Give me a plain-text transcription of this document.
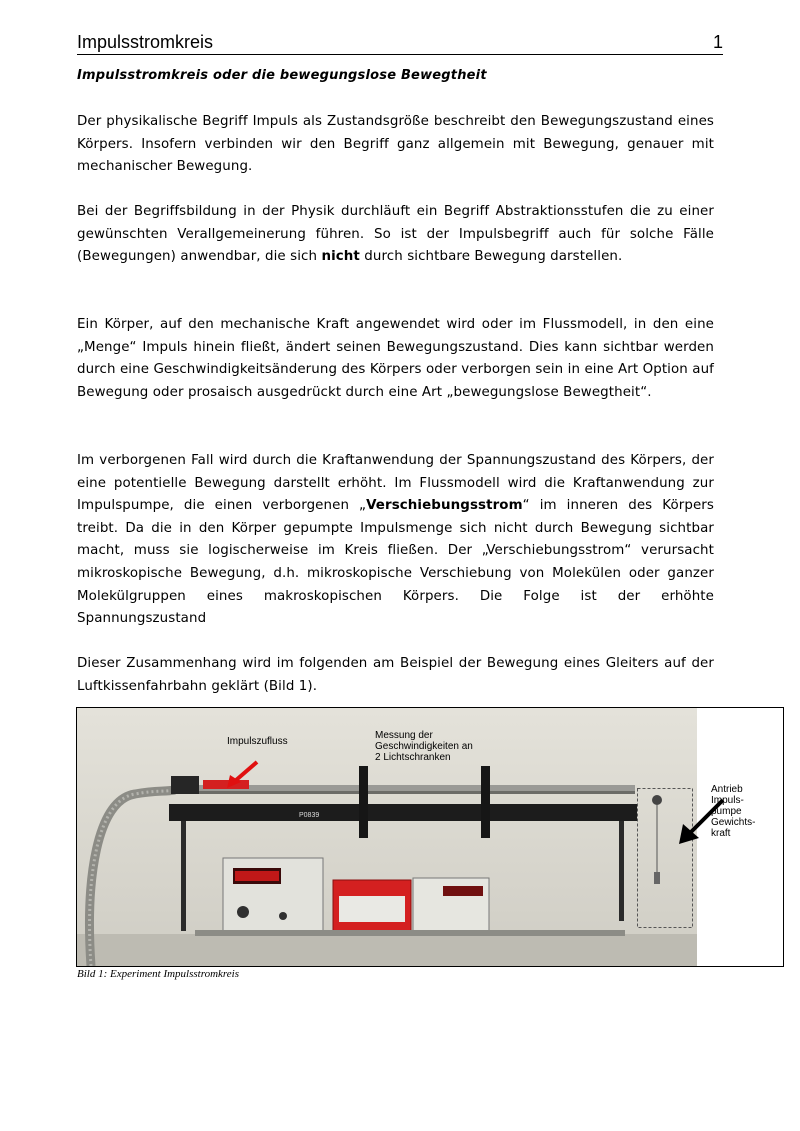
Impulsstromkreis	1
Impulsstromkreis oder die bewegungslose Bewegtheit
Der physikalische Begriff Impuls als Zustandsgröße beschreibt den Bewegungszustand eines Körpers. Insofern verbinden wir den Begriff ganz allgemein mit Bewegung, genauer mit mechanischer Bewegung.
Bei der Begriffsbildung in der Physik durchläuft ein Begriff Abstraktionsstufen die zu einer gewünschten Verallgemeinerung führen. So ist der Impulsbegriff auch für solche Fälle (Bewegungen) anwendbar, die sich nicht durch sichtbare Bewegung darstellen.
Ein Körper, auf den mechanische Kraft angewendet wird oder im Flussmodell, in den eine „Menge“ Impuls hinein fließt, ändert seinen Bewegungszustand. Dies kann sichtbar werden durch eine Geschwindigkeitsänderung des Körpers oder verborgen sein in eine Art Option auf Bewegung oder prosaisch ausgedrückt durch eine Art „bewegungslose Bewegtheit“.
Im verborgenen Fall wird durch die Kraftanwendung der Spannungszustand des Körpers, der eine potentielle Bewegung darstellt erhöht. Im Flussmodell wird die Kraftanwendung zur Impulspumpe, die einen verborgenen „Verschiebungsstrom“ im inneren des Körpers treibt. Da die in den Körper gepumpte Impulsmenge sich nicht durch Bewegung sichtbar macht, muss sie logischerweise im Kreis fließen. Der „Verschiebungsstrom“ verursacht mikroskopische Bewegung, d.h. mikroskopische Verschiebung von Molekülen oder ganzer Molekülgruppen eines makroskopischen Körpers. Die Folge ist der erhöhte Spannungszustand
Dieser Zusammenhang wird im folgenden am Beispiel der Bewegung eines Gleiters auf der Luftkissenfahrbahn geklärt (Bild 1).
P0839
Impulszufluss
Messung der
Geschwindigkeiten an
2 Lichtschranken
Antrieb
Impuls-
pumpe
Gewichts-
kraft
Bild 1: Experiment Impulsstromkreis
